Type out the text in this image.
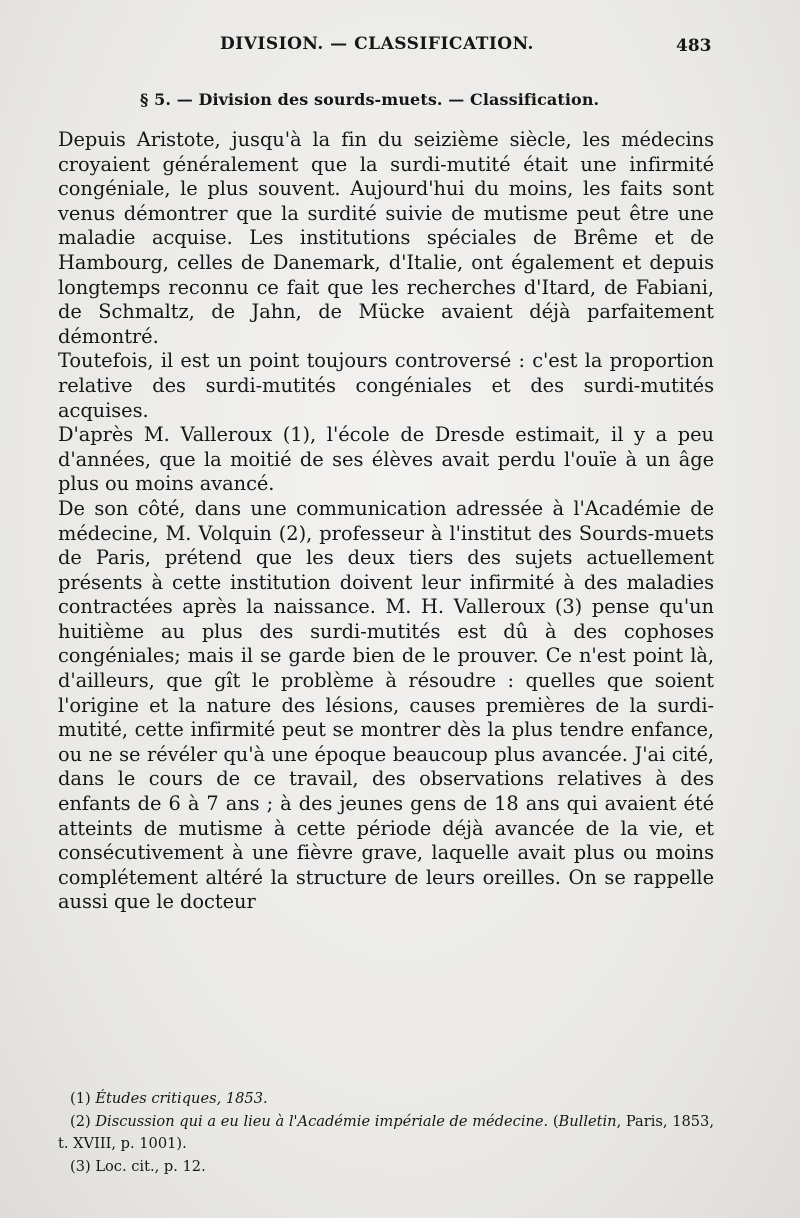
DIVISION. — CLASSIFICATION.	483
§ 5. — Division des sourds-muets. — Classification.

Depuis Aristote, jusqu'à la fin du seizième siècle, les médecins croyaient généralement que la surdi-mutité était une infirmité congéniale, le plus souvent. Aujourd'hui du moins, les faits sont venus démontrer que la surdité suivie de mutisme peut être une maladie acquise. Les institutions spéciales de Brême et de Hambourg, celles de Danemark, d'Italie, ont également et depuis longtemps reconnu ce fait que les recherches d'Itard, de Fabiani, de Schmaltz, de Jahn, de Mücke avaient déjà parfaitement démontré.

Toutefois, il est un point toujours controversé : c'est la proportion relative des surdi-mutités congéniales et des surdi-mutités acquises.

D'après M. Valleroux (1), l'école de Dresde estimait, il y a peu d'années, que la moitié de ses élèves avait perdu l'ouïe à un âge plus ou moins avancé.

De son côté, dans une communication adressée à l'Académie de médecine, M. Volquin (2), professeur à l'institut des Sourds-muets de Paris, prétend que les deux tiers des sujets actuellement présents à cette institution doivent leur infirmité à des maladies contractées après la naissance. M. H. Valleroux (3) pense qu'un huitième au plus des surdi-mutités est dû à des cophoses congéniales; mais il se garde bien de le prouver. Ce n'est point là, d'ailleurs, que gît le problème à résoudre : quelles que soient l'origine et la nature des lésions, causes premières de la surdi-mutité, cette infirmité peut se montrer dès la plus tendre enfance, ou ne se révéler qu'à une époque beaucoup plus avancée. J'ai cité, dans le cours de ce travail, des observations relatives à des enfants de 6 à 7 ans ; à des jeunes gens de 18 ans qui avaient été atteints de mutisme à cette période déjà avancée de la vie, et consécutivement à une fièvre grave, laquelle avait plus ou moins complétement altéré la structure de leurs oreilles. On se rappelle aussi que le docteur

(1) Études critiques, 1853.

(2) Discussion qui a eu lieu à l'Académie impériale de médecine. (Bulletin, Paris, 1853, t. XVIII, p. 1001).

(3) Loc. cit., p. 12.
